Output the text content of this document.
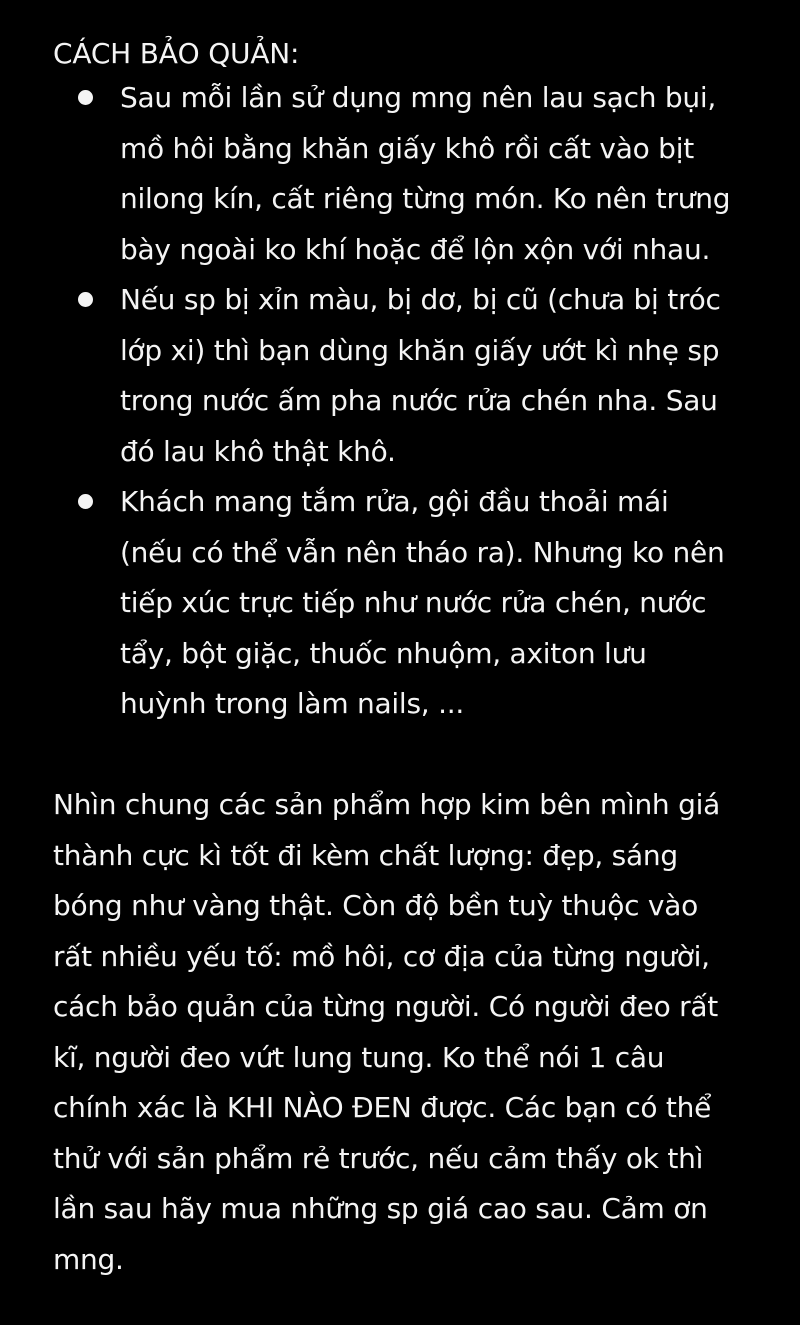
CÁCH BẢO QUẢN:
Sau mỗi lần sử dụng mng nên lau sạch bụi,
mồ hôi bằng khăn giấy khô rồi cất vào bịt
nilong kín, cất riêng từng món. Ko nên trưng
bày ngoài ko khí hoặc để lộn xộn với nhau.
Nếu sp bị xỉn màu, bị dơ, bị cũ (chưa bị tróc
lớp xi) thì bạn dùng khăn giấy ướt kì nhẹ sp
trong nước ấm pha nước rửa chén nha. Sau
đó lau khô thật khô.
Khách mang tắm rửa, gội đầu thoải mái
(nếu có thể vẫn nên tháo ra). Nhưng ko nên
tiếp xúc trực tiếp như nước rửa chén, nước
tẩy, bột giặc, thuốc nhuộm, axiton lưu
huỳnh trong làm nails, ...

Nhìn chung các sản phẩm hợp kim bên mình giá
thành cực kì tốt đi kèm chất lượng: đẹp, sáng
bóng như vàng thật. Còn độ bền tuỳ thuộc vào
rất nhiều yếu tố: mồ hôi, cơ địa của từng người,
cách bảo quản của từng người. Có người đeo rất
kĩ, người đeo vứt lung tung. Ko thể nói 1 câu
chính xác là KHI NÀO ĐEN được. Các bạn có thể
thử với sản phẩm rẻ trước, nếu cảm thấy ok thì
lần sau hãy mua những sp giá cao sau. Cảm ơn
mng.
